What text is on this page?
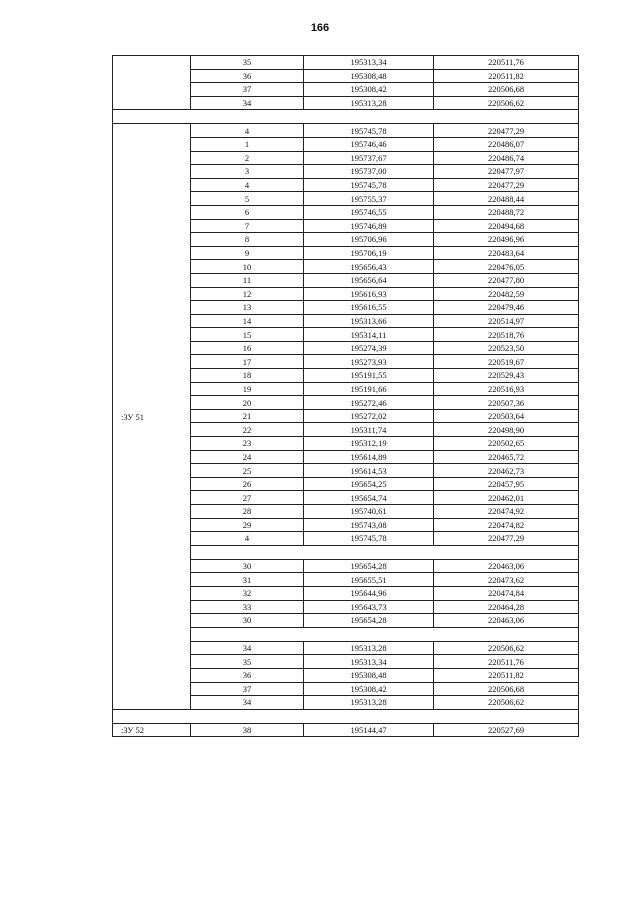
166
	35	195313,34	220511,76
	36	195308,48	220511,82
	37	195308,42	220506,68
	34	195313,28	220506,62

:ЗУ 51	4	195745,78	220477,29
	1	195746,46	220486,07
	2	195737,67	220486,74
	3	195737,00	220477,97
	4	195745,78	220477,29
	5	195755,37	220488,44
	6	195746,55	220488,72
	7	195746,89	220494,68
	8	195706,96	220496,96
	9	195706,19	220483,64
	10	195656,43	220476,05
	11	195656,64	220477,80
	12	195616,93	220482,59
	13	195616,55	220479,46
	14	195313,66	220514,97
	15	195314,11	220518,76
	16	195274,39	220523,50
	17	195273,93	220519,67
	18	195191,55	220529,43
	19	195191,66	220516,93
	20	195272,46	220507,36
	21	195272,02	220503,64
	22	195311,74	220498,90
	23	195312,19	220502,65
	24	195614,89	220465,72
	25	195614,53	220462,73
	26	195654,25	220457,95
	27	195654,74	220462,01
	28	195740,61	220474,92
	29	195743,08	220474,82
	4	195745,78	220477,29

	30	195654,28	220463,06
	31	195655,51	220473,62
	32	195644,96	220474,84
	33	195643,73	220464,28
	30	195654,28	220463,06

	34	195313,28	220506,62
	35	195313,34	220511,76
	36	195308,48	220511,82
	37	195308,42	220506,68
	34	195313,28	220506,62

:ЗУ 52	38	195144,47	220527,69
